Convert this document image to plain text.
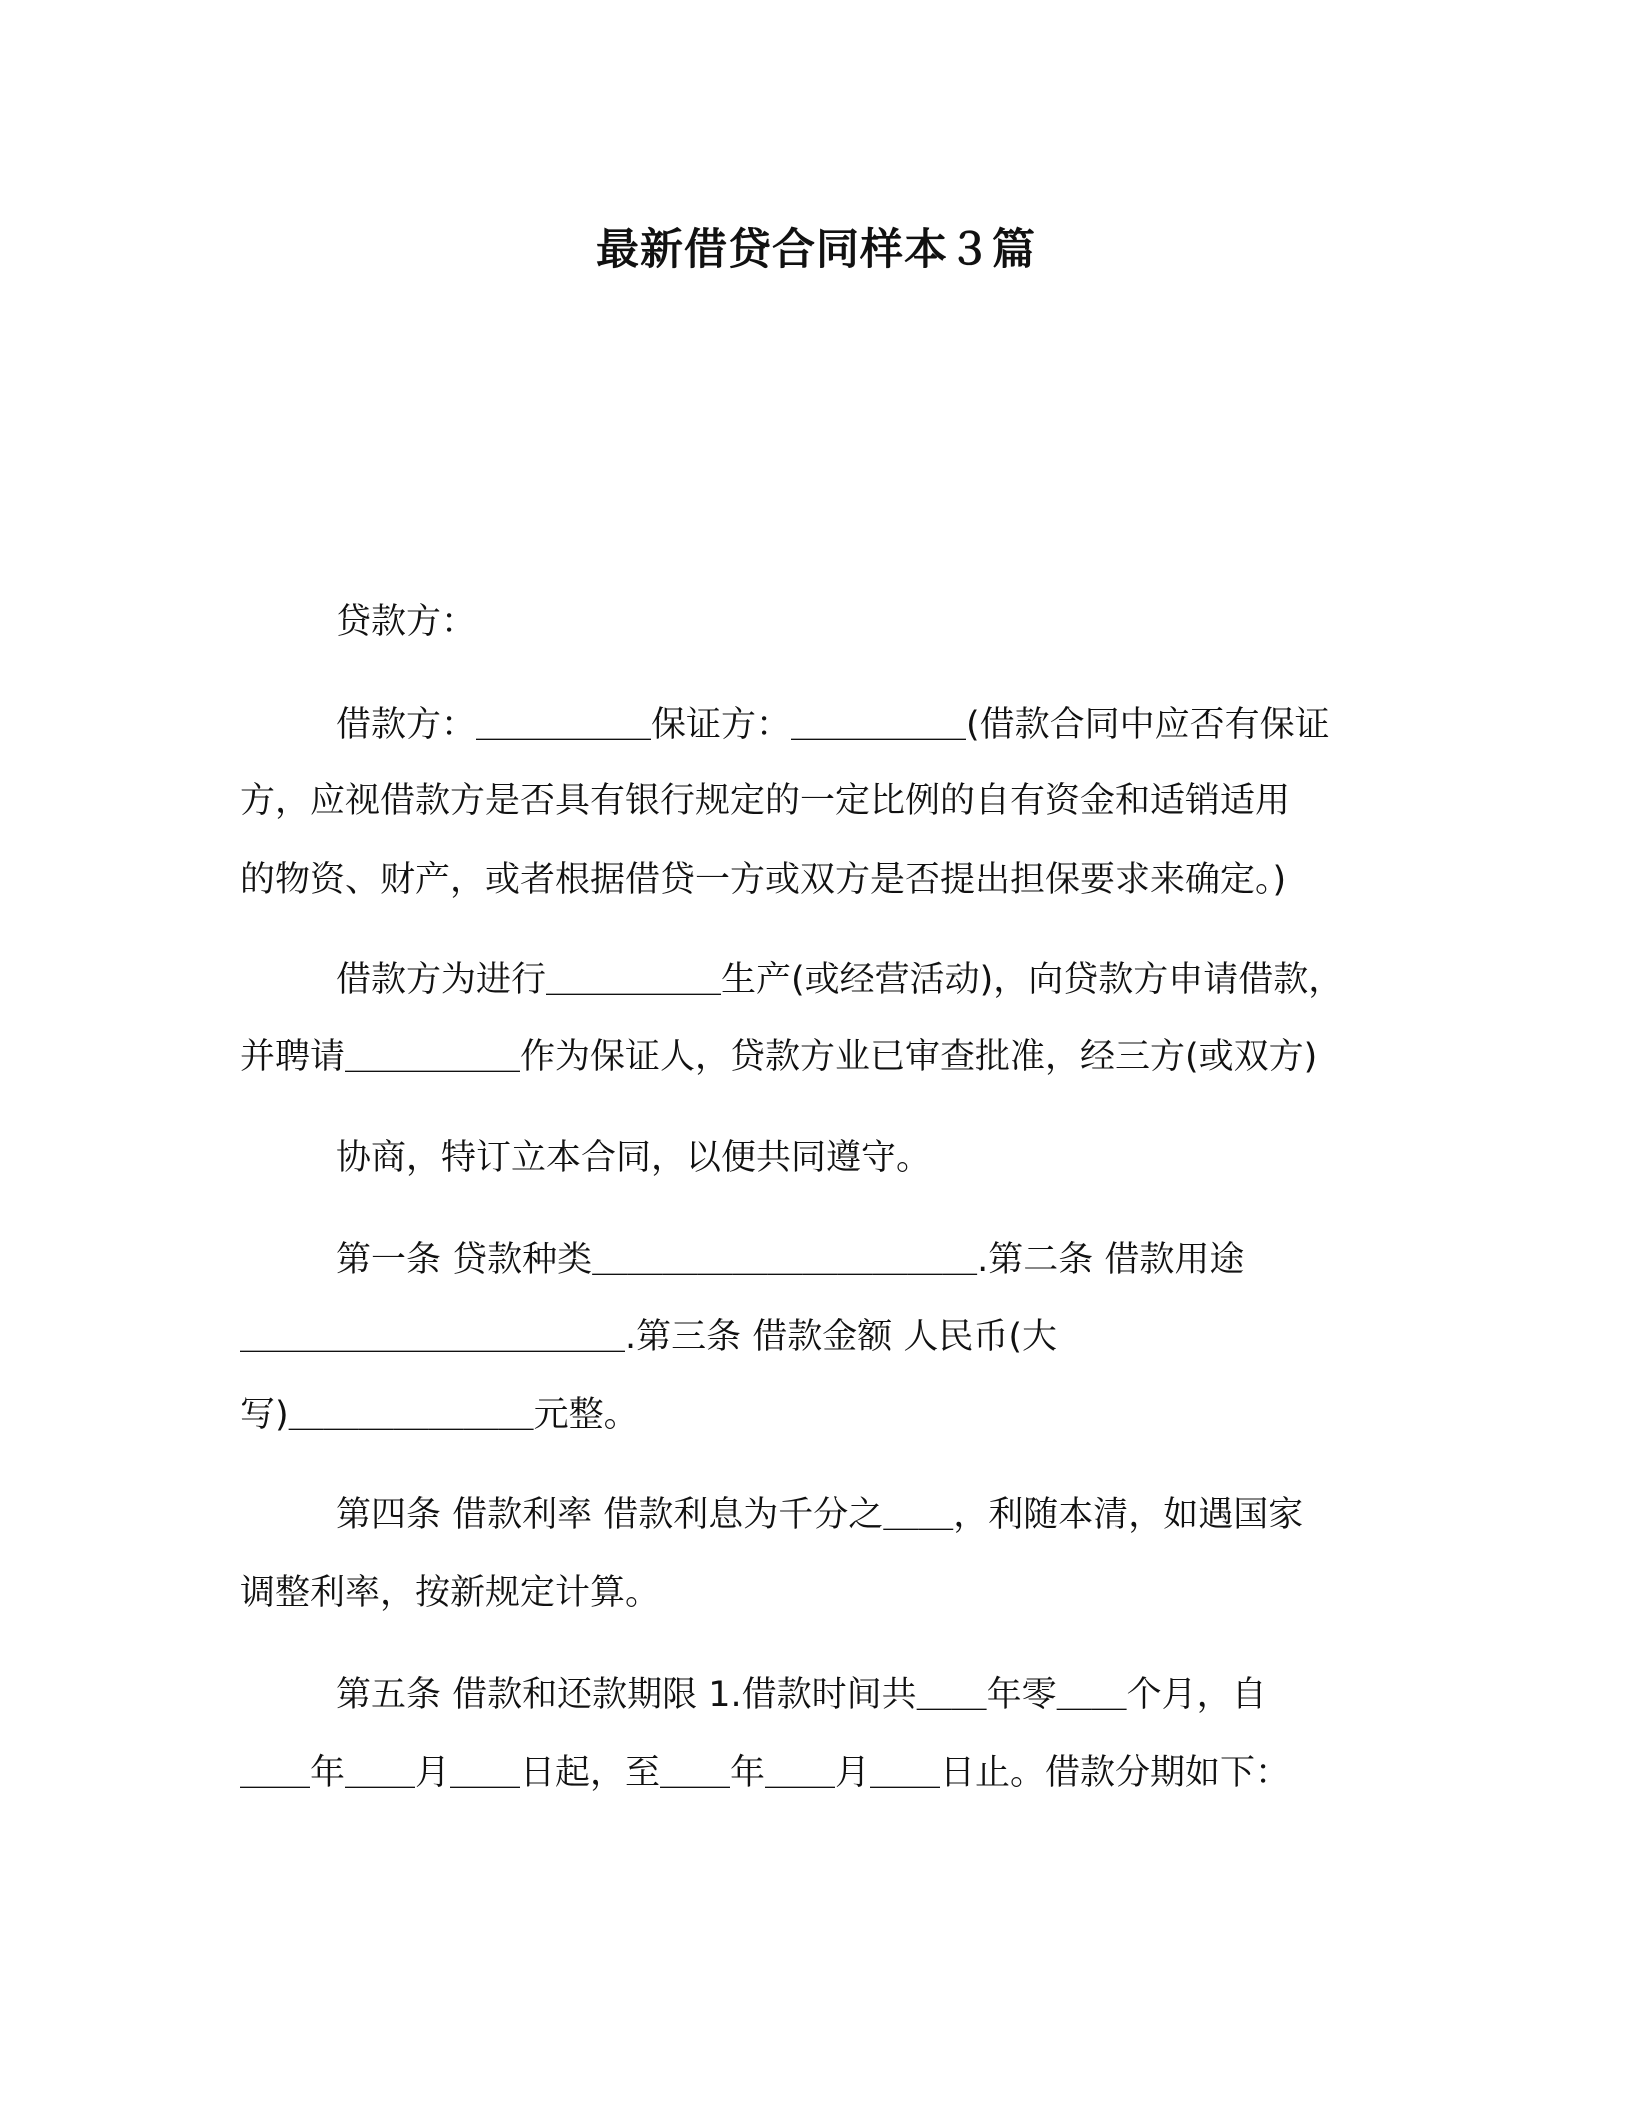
最新借贷合同样本３篇
贷款方：
借款方：＿＿＿＿＿保证方：＿＿＿＿＿(借款合同中应否有保证
方，应视借款方是否具有银行规定的一定比例的自有资金和适销适用
的物资、财产，或者根据借贷一方或双方是否提出担保要求来确定。)
借款方为进行＿＿＿＿＿生产(或经营活动)，向贷款方申请借款，
并聘请＿＿＿＿＿作为保证人，贷款方业已审查批准，经三方(或双方)
协商，特订立本合同，以便共同遵守。
第一条 贷款种类＿＿＿＿＿＿＿＿＿＿＿.第二条 借款用途
＿＿＿＿＿＿＿＿＿＿＿.第三条 借款金额 人民币(大
写)＿＿＿＿＿＿＿元整。
第四条 借款利率 借款利息为千分之＿＿，利随本清，如遇国家
调整利率，按新规定计算。
第五条 借款和还款期限 1.借款时间共＿＿年零＿＿个月，自
＿＿年＿＿月＿＿日起，至＿＿年＿＿月＿＿日止。借款分期如下：
